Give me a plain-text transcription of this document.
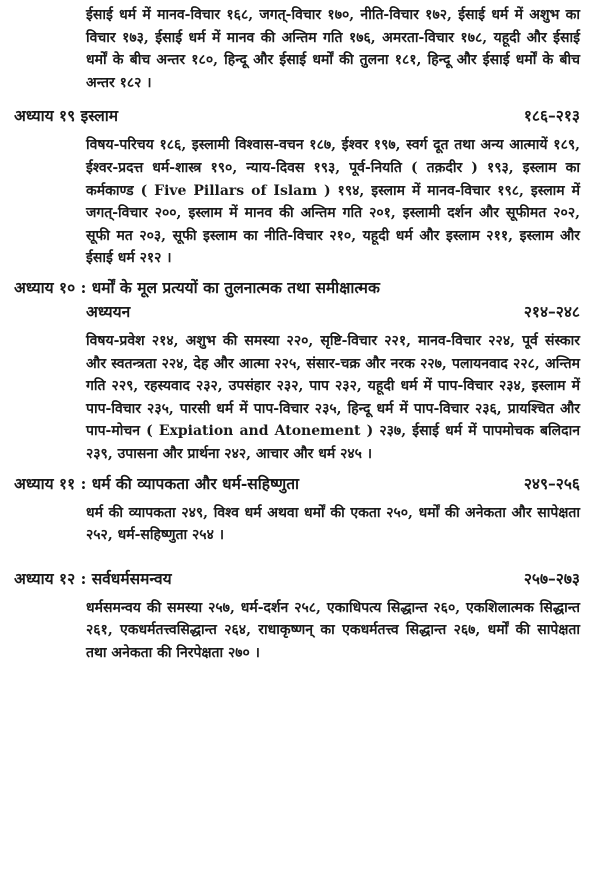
ईसाई धर्म में मानव-विचार १६८, जगत्-विचार १७०, नीति-विचार १७२, ईसाई धर्म में अशुभ का विचार १७३, ईसाई धर्म में मानव की अन्तिम गति १७६, अमरता-विचार १७८, यहूदी और ईसाई धर्मों के बीच अन्तर १८०, हिन्दू और ईसाई धर्मों की तुलना १८१, हिन्दू और ईसाई धर्मों के बीच अन्तर १८२ ।

अध्याय १९ इस्लाम	१८६–२१३

विषय-परिचय १८६, इस्लामी विश्वास-वचन १८७, ईश्वर १९७, स्वर्ग दूत तथा अन्य आत्मायें १८९, ईश्वर-प्रदत्त धर्म-शास्त्र १९०, न्याय-दिवस १९३, पूर्व-नियति ( तक़दीर ) १९३, इस्लाम का कर्मकाण्ड ( Five Pillars of Islam ) १९४, इस्लाम में मानव-विचार १९८, इस्लाम में जगत्-विचार २००, इस्लाम में मानव की अन्तिम गति २०१, इस्लामी दर्शन और सूफीमत २०२, सूफी मत २०३, सूफी इस्लाम का नीति-विचार २१०, यहूदी धर्म और इस्लाम २११, इस्लाम और ईसाई धर्म २१२ ।

अध्याय १० : धर्मों के मूल प्रत्ययों का तुलनात्मक तथा समीक्षात्मक
अध्ययन	२१४–२४८

विषय-प्रवेश २१४, अशुभ की समस्या २२०, सृष्टि-विचार २२१, मानव-विचार २२४, पूर्व संस्कार और स्वतन्त्रता २२४, देह और आत्मा २२५, संसार-चक्र और नरक २२७, पलायनवाद २२८, अन्तिम गति २२९, रहस्यवाद २३२, उपसंहार २३२, पाप २३२, यहूदी धर्म में पाप-विचार २३४, इस्लाम में पाप-विचार २३५, पारसी धर्म में पाप-विचार २३५, हिन्दू धर्म में पाप-विचार २३६, प्रायश्चित और पाप-मोचन ( Expiation and Atonement ) २३७, ईसाई धर्म में पापमोचक बलिदान २३९, उपासना और प्रार्थना २४२, आचार और धर्म २४५ ।

अध्याय ११ : धर्म की व्यापकता और धर्म-सहिष्णुता	२४९–२५६

धर्म की व्यापकता २४९, विश्व धर्म अथवा धर्मों की एकता २५०, धर्मों की अनेकता और सापेक्षता २५२, धर्म-सहिष्णुता २५४ ।

अध्याय १२ : सर्वधर्मसमन्वय	२५७–२७३

धर्मसमन्वय की समस्या २५७, धर्म-दर्शन २५८, एकाधिपत्य सिद्धान्त २६०, एकशिलात्मक सिद्धान्त २६१, एकधर्मतत्त्वसिद्धान्त २६४, राधाकृष्णन् का एकधर्मतत्त्व सिद्धान्त २६७, धर्मों की सापेक्षता तथा अनेकता की निरपेक्षता २७० ।
